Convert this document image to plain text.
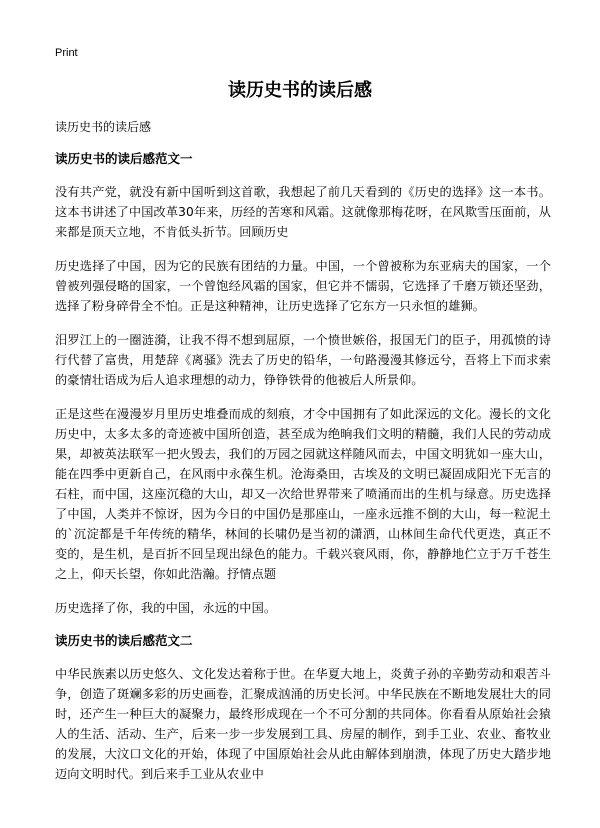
Print
读历史书的读后感

读历史书的读后感

读历史书的读后感范文一

没有共产党，就没有新中国听到这首歌，我想起了前几天看到的《历史的选择》这一本书。这本书讲述了中国改革30年来，历经的苦寒和风霜。这就像那梅花呀，在风欺雪压面前，从来都是顶天立地，不肯低头折节。回顾历史

历史选择了中国，因为它的民族有团结的力量。中国，一个曾被称为东亚病夫的国家，一个曾被列强侵略的国家，一个曾饱经风霜的国家，但它并不懦弱，它选择了千磨万锁还坚劲，选择了粉身碎骨全不怕。正是这种精神，让历史选择了它东方一只永恒的雄狮。

汨罗江上的一圈涟漪，让我不得不想到屈原，一个愤世嫉俗，报国无门的臣子，用孤愤的诗行代替了富贵，用楚辞《离骚》洗去了历史的铅华，一句路漫漫其修远兮，吾将上下而求索的豪情壮语成为后人追求理想的动力，铮铮铁骨的他被后人所景仰。

正是这些在漫漫岁月里历史堆叠而成的刻痕，才令中国拥有了如此深远的文化。漫长的文化历史中，太多太多的奇迹被中国所创造，甚至成为绝晌我们文明的精髓，我们人民的劳动成果，却被英法联军一把火毁去，我们的万园之园就这样随风而去，中国文明犹如一座大山，能在四季中更新自己，在风雨中永葆生机。沧海桑田，古埃及的文明已凝固成阳光下无言的石柱，而中国，这座沉稳的大山，却又一次给世界带来了喷涌而出的生机与绿意。历史选择了中国，人类并不惊讶，因为今日的中国仍是那座山，一座永远推不倒的大山，每一粒泥土的`沉淀都是千年传统的精华，林间的长啸仍是当初的潇洒，山林间生命代代更迭，真正不变的，是生机，是百折不回呈现出绿色的能力。千载兴衰风雨，你，静静地伫立于万千苍生之上，仰天长望，你如此浩瀚。抒情点题

历史选择了你，我的中国，永远的中国。

读历史书的读后感范文二

中华民族素以历史悠久、文化发达着称于世。在华夏大地上，炎黄子孙的辛勤劳动和艰苦斗争，创造了斑斓多彩的历史画卷，汇聚成汹涌的历史长河。中华民族在不断地发展壮大的同时，还产生一种巨大的凝聚力，最终形成现在一个不可分割的共同体。你看看从原始社会猿人的生活、活动、生产，后来一步一步发展到工具、房屋的制作，到手工业、农业、畜牧业的发展，大汶口文化的开始，体现了中国原始社会从此由解体到崩溃，体现了历史大踏步地迈向文明时代。到后来手工业从农业中
